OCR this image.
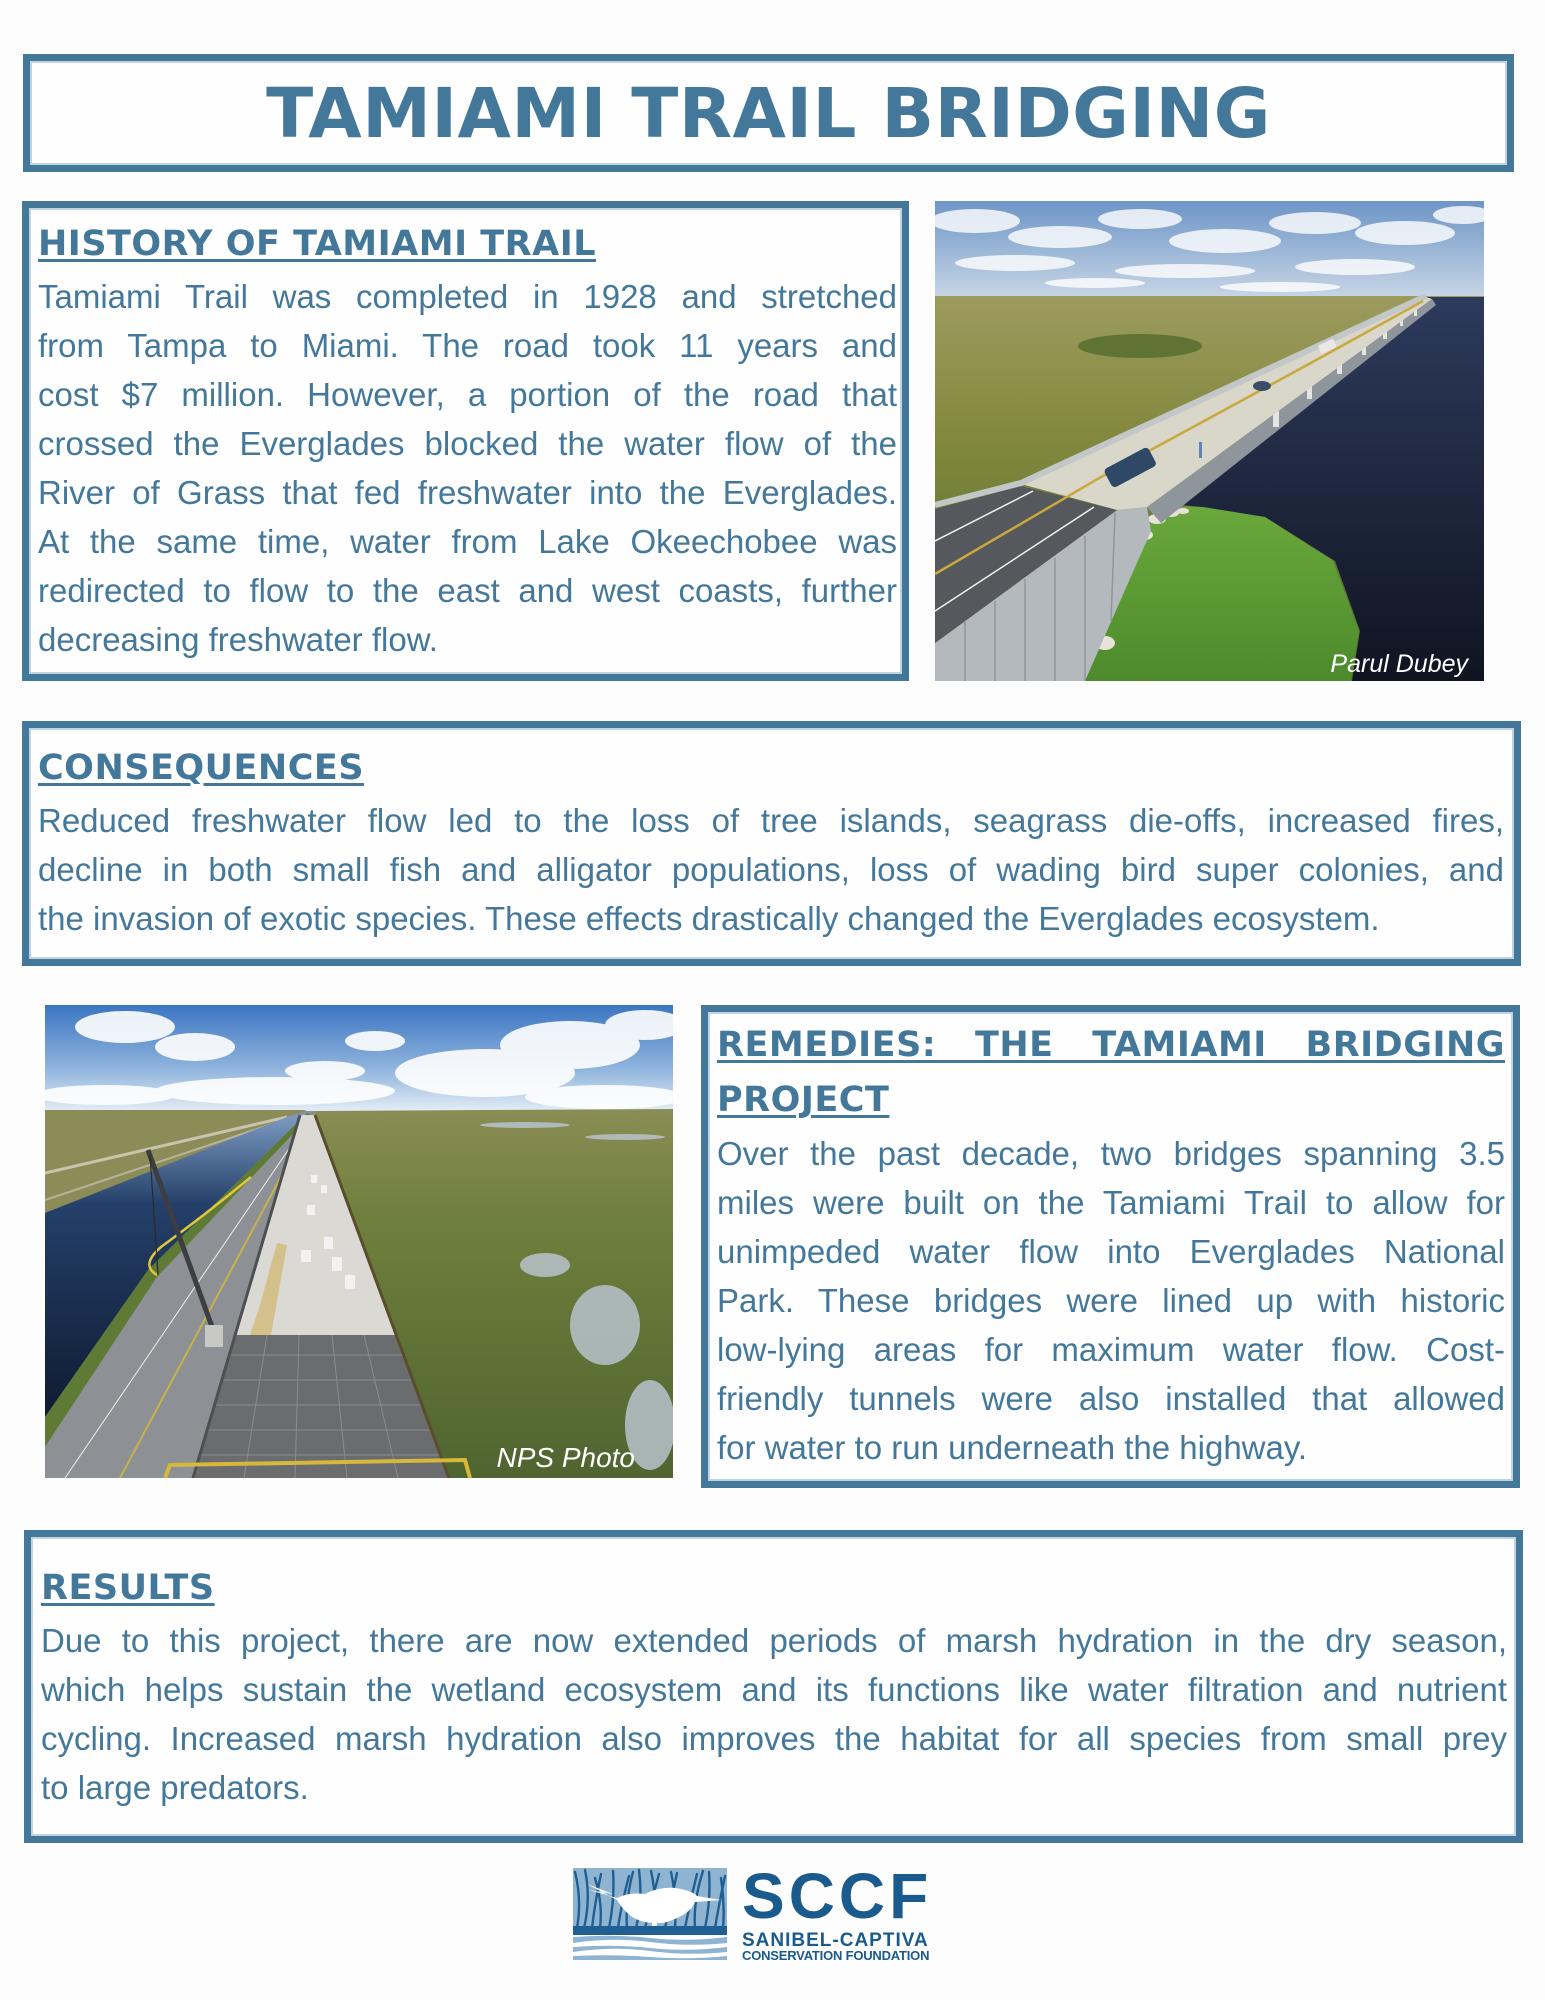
TAMIAMI TRAIL BRIDGING
HISTORY OF TAMIAMI TRAIL
Tamiami Trail was completed in 1928 and stretched
from Tampa to Miami. The road took 11 years and
cost $7 million. However, a portion of the road that
crossed the Everglades blocked the water flow of the
River of Grass that fed freshwater into the Everglades.
At the same time, water from Lake Okeechobee was
redirected to flow to the east and west coasts, further
decreasing freshwater flow.
Parul Dubey
CONSEQUENCES
Reduced freshwater flow led to the loss of tree islands, seagrass die-offs, increased fires,
decline in both small fish and alligator populations, loss of wading bird super colonies, and
the invasion of exotic species. These effects drastically changed the Everglades ecosystem.
NPS Photo
REMEDIES: THE TAMIAMI BRIDGING
PROJECT
Over the past decade, two bridges spanning 3.5
miles were built on the Tamiami Trail to allow for
unimpeded water flow into Everglades National
Park. These bridges were lined up with historic
low-lying areas for maximum water flow. Cost-
friendly tunnels were also installed that allowed
for water to run underneath the highway.
RESULTS
Due to this project, there are now extended periods of marsh hydration in the dry season,
which helps sustain the wetland ecosystem and its functions like water filtration and nutrient
cycling. Increased marsh hydration also improves the habitat for all species from small prey
to large predators.
SCCF
SANIBEL-CAPTIVA
CONSERVATION FOUNDATION
